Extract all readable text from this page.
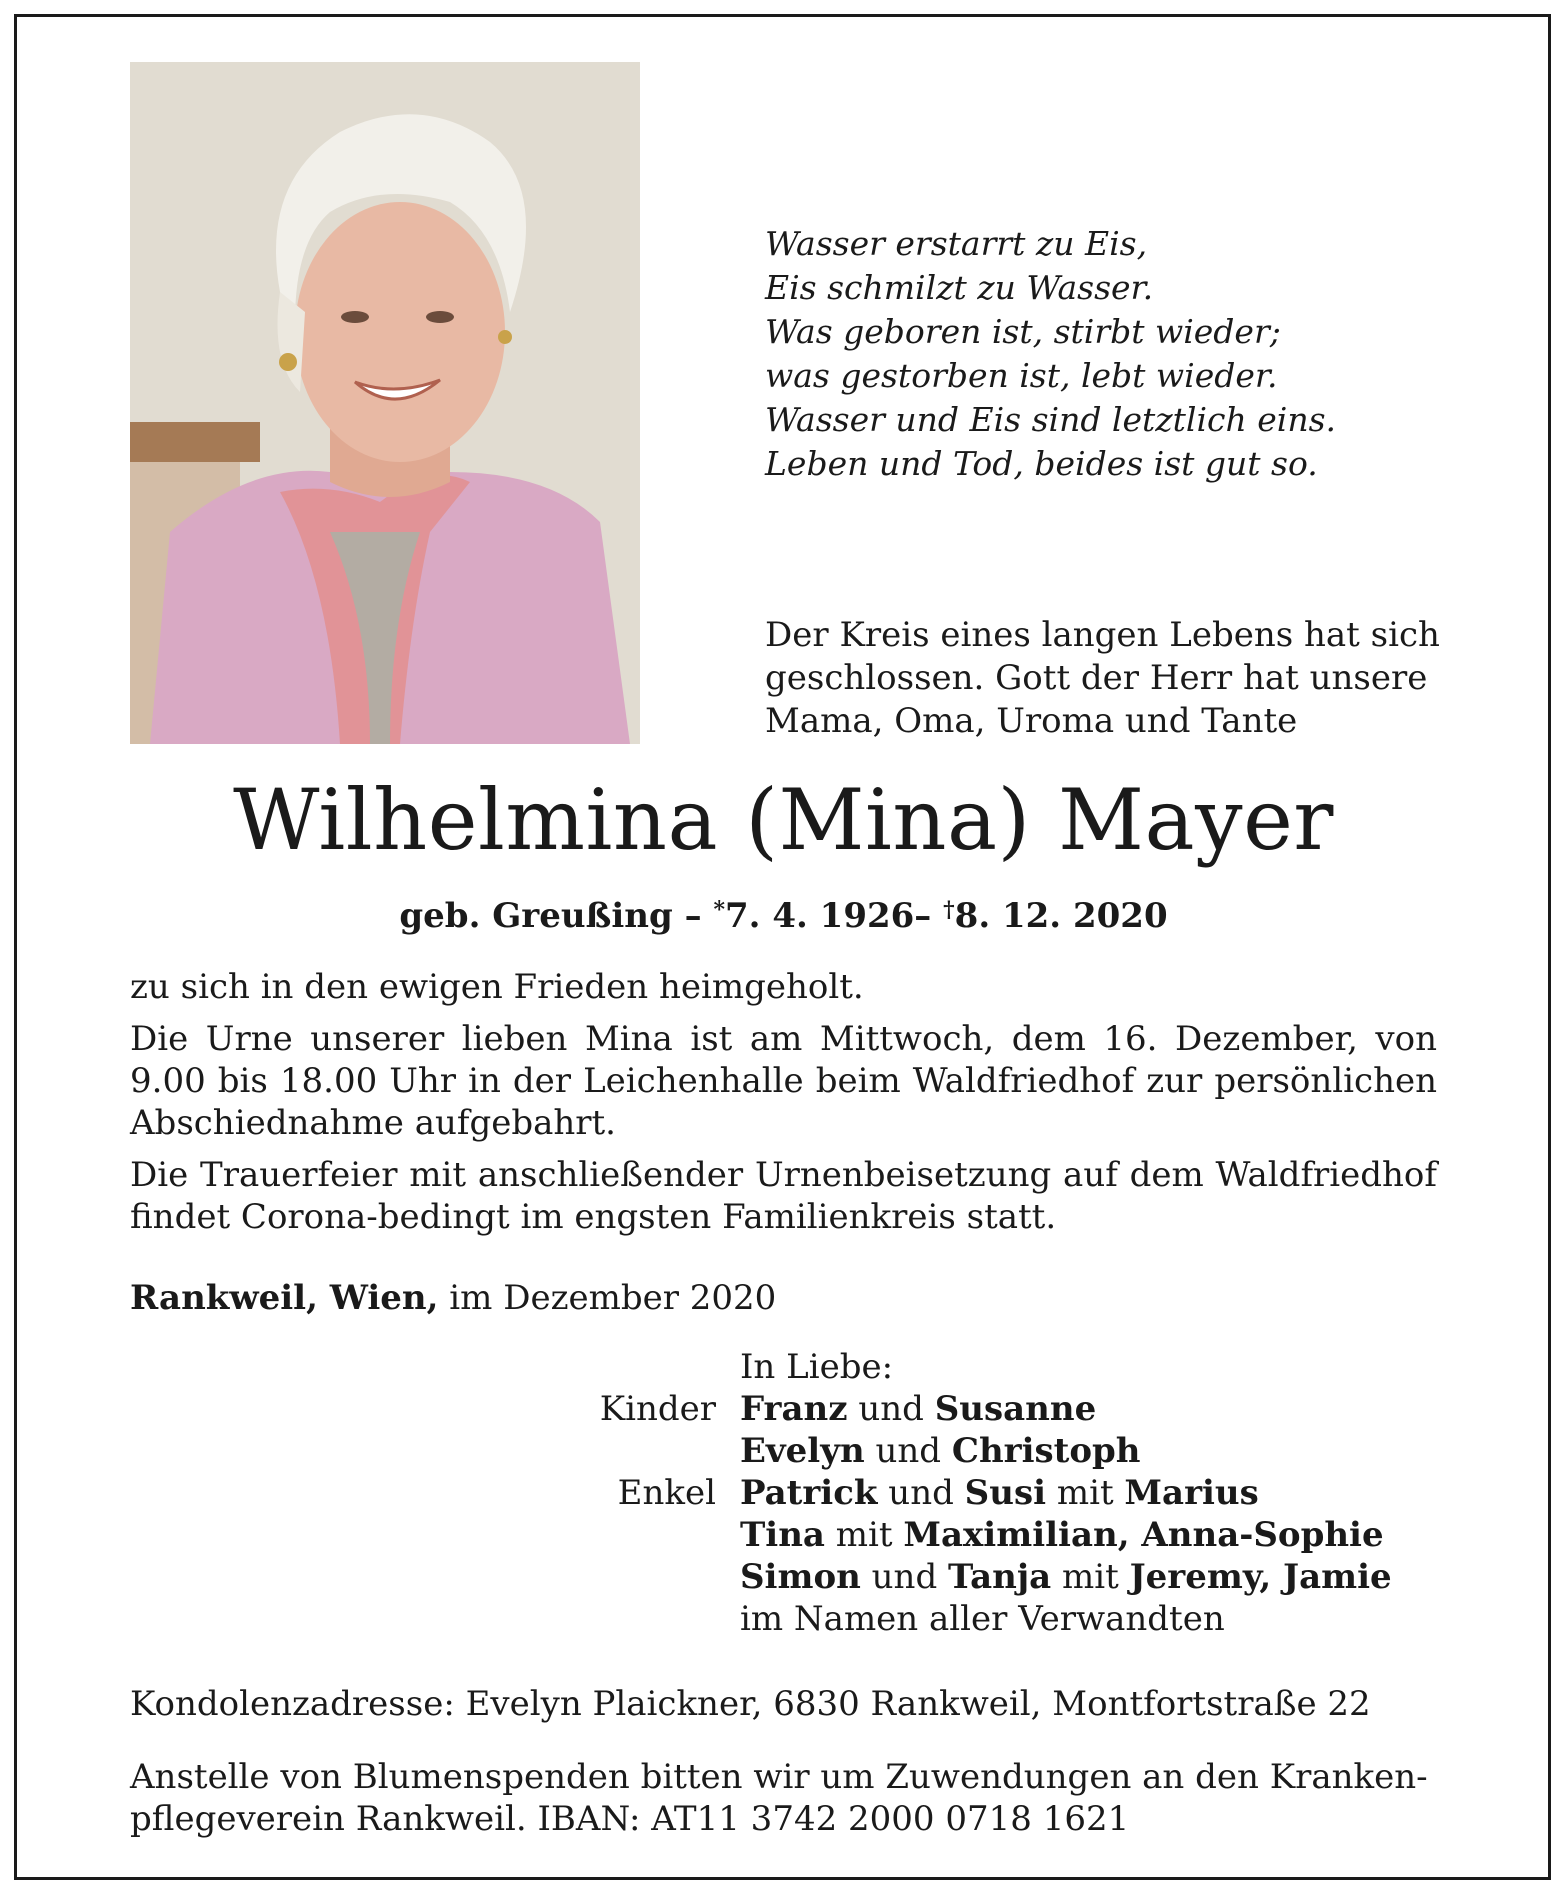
Wasser erstarrt zu Eis,
Eis schmilzt zu Wasser.
Was geboren ist, stirbt wieder;
was gestorben ist, lebt wieder.
Wasser und Eis sind letztlich eins.
Leben und Tod, beides ist gut so.
Der Kreis eines langen Lebens hat sich
geschlossen. Gott der Herr hat unsere
Mama, Oma, Uroma und Tante
Wilhelmina (Mina) Mayer
geb. Greußing – *7. 4. 1926– †8. 12. 2020

zu sich in den ewigen Frieden heimgeholt.

Die Urne unserer lieben Mina ist am Mittwoch, dem 16. Dezember, von 9.00 bis 18.00 Uhr in der Leichenhalle beim Waldfriedhof zur persönlichen Abschiednahme aufgebahrt.

Die Trauerfeier mit anschließender Urnenbeisetzung auf dem Waldfriedhof findet Corona-bedingt im engsten Familienkreis statt.

Rankweil, Wien, im Dezember 2020
In Liebe:
Kinder Franz und Susanne
Evelyn und Christoph
Enkel Patrick und Susi mit Marius
Tina mit Maximilian, Anna-Sophie
Simon und Tanja mit Jeremy, Jamie
im Namen aller Verwandten
Kondolenzadresse: Evelyn Plaickner, 6830 Rankweil, Montfortstraße 22
Anstelle von Blumenspenden bitten wir um Zuwendungen an den Kranken-
pflegeverein Rankweil. IBAN: AT11 3742 2000 0718 1621
